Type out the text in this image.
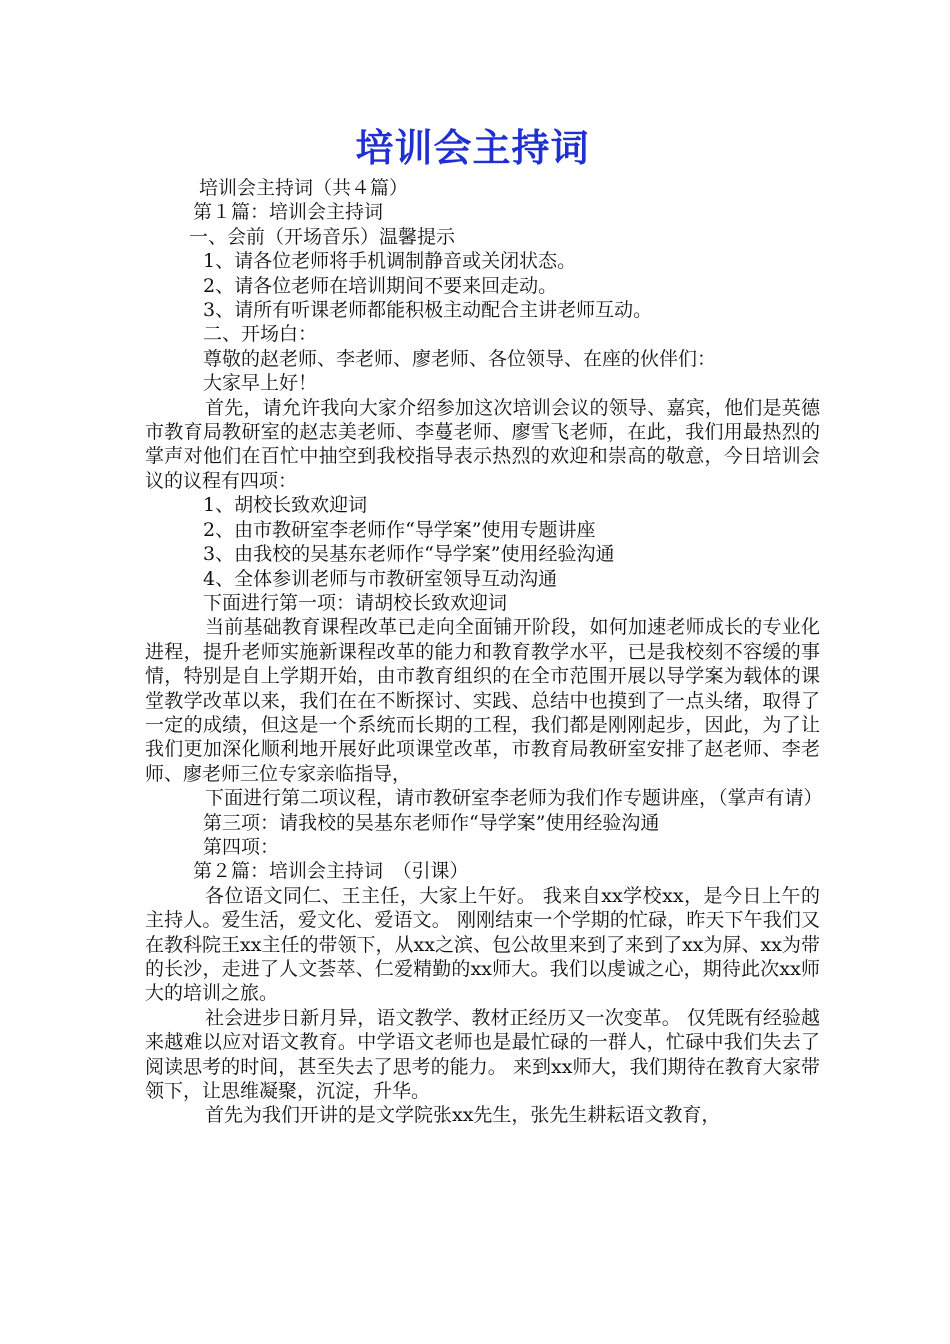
培训会主持词

培训会主持词（共４篇）

第１篇：培训会主持词

一、会前（开场音乐）温馨提示

1、请各位老师将手机调制静音或关闭状态。

2、请各位老师在培训期间不要来回走动。

3、请所有听课老师都能积极主动配合主讲老师互动。

二、开场白：

尊敬的赵老师、李老师、廖老师、各位领导、在座的伙伴们：

大家早上好！

首先，请允许我向大家介绍参加这次培训会议的领导、嘉宾，他们是英德市教育局教研室的赵志美老师、李蔓老师、廖雪飞老师，在此，我们用最热烈的掌声对他们在百忙中抽空到我校指导表示热烈的欢迎和崇高的敬意，今日培训会议的议程有四项：

1、胡校长致欢迎词

2、由市教研室李老师作“导学案”使用专题讲座

3、由我校的吴基东老师作“导学案”使用经验沟通

4、全体参训老师与市教研室领导互动沟通

下面进行第一项：请胡校长致欢迎词

当前基础教育课程改革已走向全面铺开阶段，如何加速老师成长的专业化进程，提升老师实施新课程改革的能力和教育教学水平，已是我校刻不容缓的事情，特别是自上学期开始，由市教育组织的在全市范围开展以导学案为载体的课堂教学改革以来，我们在在不断探讨、实践、总结中也摸到了一点头绪，取得了一定的成绩，但这是一个系统而长期的工程，我们都是刚刚起步，因此，为了让我们更加深化顺利地开展好此项课堂改革，市教育局教研室安排了赵老师、李老师、廖老师三位专家亲临指导，

下面进行第二项议程，请市教研室李老师为我们作专题讲座，（掌声有请）

第三项：请我校的吴基东老师作“导学案”使用经验沟通

第四项：

第２篇：培训会主持词　（引课）

各位语文同仁、王主任，大家上午好。 我来自xx学校xx，是今日上午的主持人。爱生活，爱文化、爱语文。 刚刚结束一个学期的忙碌，昨天下午我们又在教科院王xx主任的带领下，从xx之滨、包公故里来到了来到了xx为屏、xx为带的长沙，走进了人文荟萃、仁爱精勤的xx师大。我们以虔诚之心，期待此次xx师大的培训之旅。

社会进步日新月异，语文教学、教材正经历又一次变革。 仅凭既有经验越来越难以应对语文教育。中学语文老师也是最忙碌的一群人，忙碌中我们失去了阅读思考的时间，甚至失去了思考的能力。 来到xx师大，我们期待在教育大家带领下，让思维凝聚，沉淀，升华。

首先为我们开讲的是文学院张xx先生，张先生耕耘语文教育，
